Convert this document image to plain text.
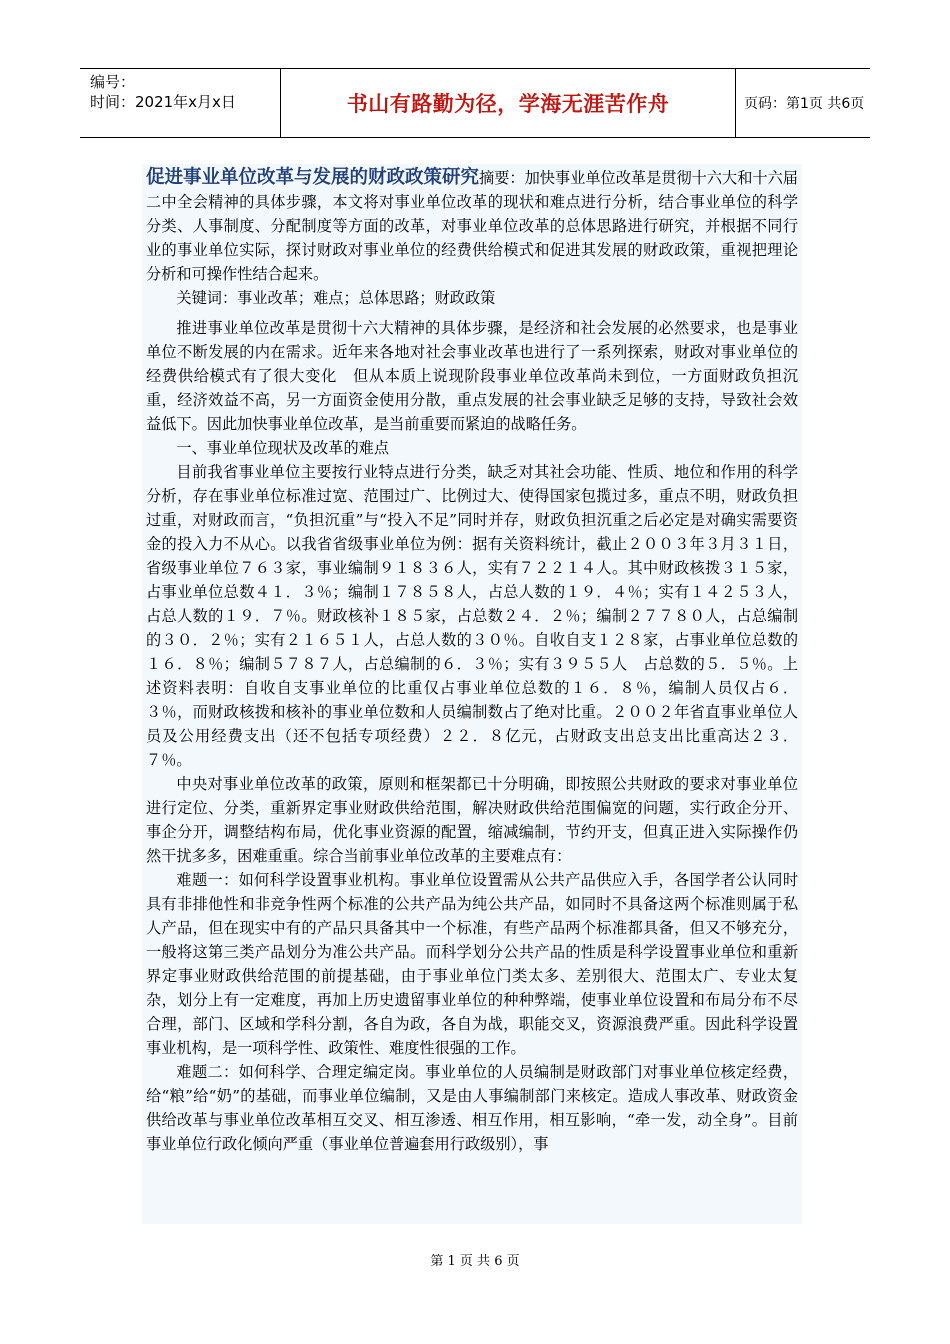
编号：
时间：2021年x月x日	书山有路勤为径，学海无涯苦作舟	页码：第1页 共6页

促进事业单位改革与发展的财政政策研究摘要：加快事业单位改革是贯彻十六大和十六届二中全会精神的具体步骤，本文将对事业单位改革的现状和难点进行分析，结合事业单位的科学分类、人事制度、分配制度等方面的改革，对事业单位改革的总体思路进行研究，并根据不同行业的事业单位实际，探讨财政对事业单位的经费供给模式和促进其发展的财政政策，重视把理论分析和可操作性结合起来。

关键词：事业改革；难点；总体思路；财政政策

推进事业单位改革是贯彻十六大精神的具体步骤，是经济和社会发展的必然要求，也是事业单位不断发展的内在需求。近年来各地对社会事业改革也进行了一系列探索，财政对事业单位的经费供给模式有了很大变化　但从本质上说现阶段事业单位改革尚未到位，一方面财政负担沉重，经济效益不高，另一方面资金使用分散，重点发展的社会事业缺乏足够的支持，导致社会效益低下。因此加快事业单位改革，是当前重要而紧迫的战略任务。

一、事业单位现状及改革的难点

目前我省事业单位主要按行业特点进行分类，缺乏对其社会功能、性质、地位和作用的科学分析，存在事业单位标准过宽、范围过广、比例过大、使得国家包揽过多，重点不明，财政负担过重，对财政而言，“负担沉重”与“投入不足”同时并存，财政负担沉重之后必定是对确实需要资金的投入力不从心。以我省省级事业单位为例：据有关资料统计，截止２００３年３月３１日，省级事业单位７６３家，事业编制９１８３６人，实有７２２１４人。其中财政核拨３１５家，占事业单位总数４１．３％；编制１７８５８人，占总人数的１９．４％；实有１４２５３人，占总人数的１９．７％。财政核补１８５家，占总数２４．２％；编制２７７８０人，占总编制的３０．２％；实有２１６５１人，占总人数的３０％。自收自支１２８家，占事业单位总数的１６．８％；编制５７８７人，占总编制的６．３％；实有３９５５人　占总数的５．５％。上述资料表明：自收自支事业单位的比重仅占事业单位总数的１６．８％，编制人员仅占６．３％，而财政核拨和核补的事业单位数和人员编制数占了绝对比重。２００２年省直事业单位人员及公用经费支出（还不包括专项经费）２２．８亿元，占财政支出总支出比重高达２３．７％。

中央对事业单位改革的政策，原则和框架都已十分明确，即按照公共财政的要求对事业单位进行定位、分类，重新界定事业财政供给范围，解决财政供给范围偏宽的问题，实行政企分开、事企分开，调整结构布局，优化事业资源的配置，缩减编制，节约开支，但真正进入实际操作仍然干扰多多，困难重重。综合当前事业单位改革的主要难点有：

难题一：如何科学设置事业机构。事业单位设置需从公共产品供应入手，各国学者公认同时具有非排他性和非竞争性两个标准的公共产品为纯公共产品，如同时不具备这两个标准则属于私人产品，但在现实中有的产品只具备其中一个标准，有些产品两个标准都具备，但又不够充分，一般将这第三类产品划分为准公共产品。而科学划分公共产品的性质是科学设置事业单位和重新界定事业财政供给范围的前提基础，由于事业单位门类太多、差别很大、范围太广、专业太复杂，划分上有一定难度，再加上历史遗留事业单位的种种弊端，使事业单位设置和布局分布不尽合理，部门、区域和学科分割，各自为政，各自为战，职能交叉，资源浪费严重。因此科学设置事业机构，是一项科学性、政策性、难度性很强的工作。

难题二：如何科学、合理定编定岗。事业单位的人员编制是财政部门对事业单位核定经费，给“粮”给“奶”的基础，而事业单位编制，又是由人事编制部门来核定。造成人事改革、财政资金供给改革与事业单位改革相互交叉、相互渗透、相互作用，相互影响，“牵一发，动全身”。目前事业单位行政化倾向严重（事业单位普遍套用行政级别），事

第 1 页 共 6 页
